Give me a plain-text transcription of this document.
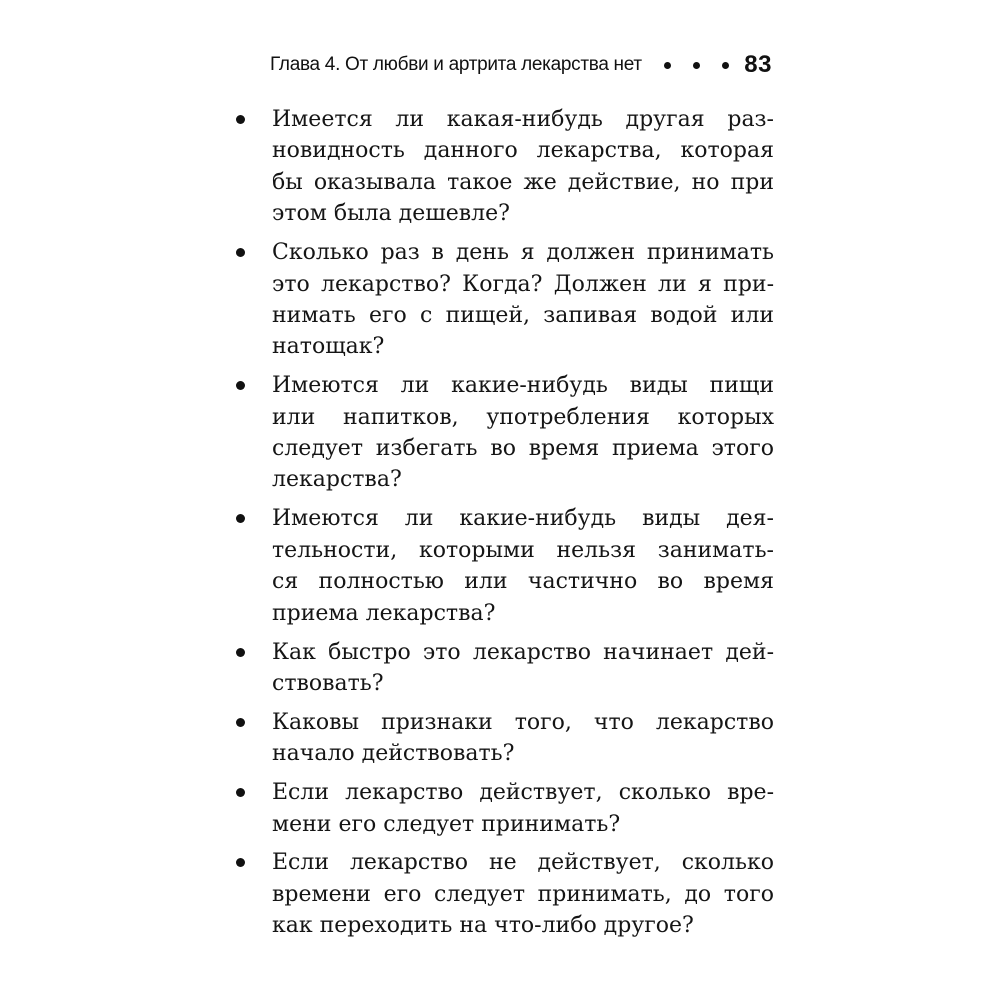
Глава 4. От любви и артрита лекарства нет	83
Имеется ли какая-нибудь другая раз-
новидность данного лекарства, которая
бы оказывала такое же действие, но при
этом была дешевле?
Сколько раз в день я должен принимать
это лекарство? Когда? Должен ли я при-
нимать его с пищей, запивая водой или
натощак?
Имеются ли какие-нибудь виды пищи
или напитков, употребления которых
следует избегать во время приема этого
лекарства?
Имеются ли какие-нибудь виды дея-
тельности, которыми нельзя занимать-
ся полностью или частично во время
приема лекарства?
Как быстро это лекарство начинает дей-
ствовать?
Каковы признаки того, что лекарство
начало действовать?
Если лекарство действует, сколько вре-
мени его следует принимать?
Если лекарство не действует, сколько
времени его следует принимать, до того
как переходить на что-либо другое?
